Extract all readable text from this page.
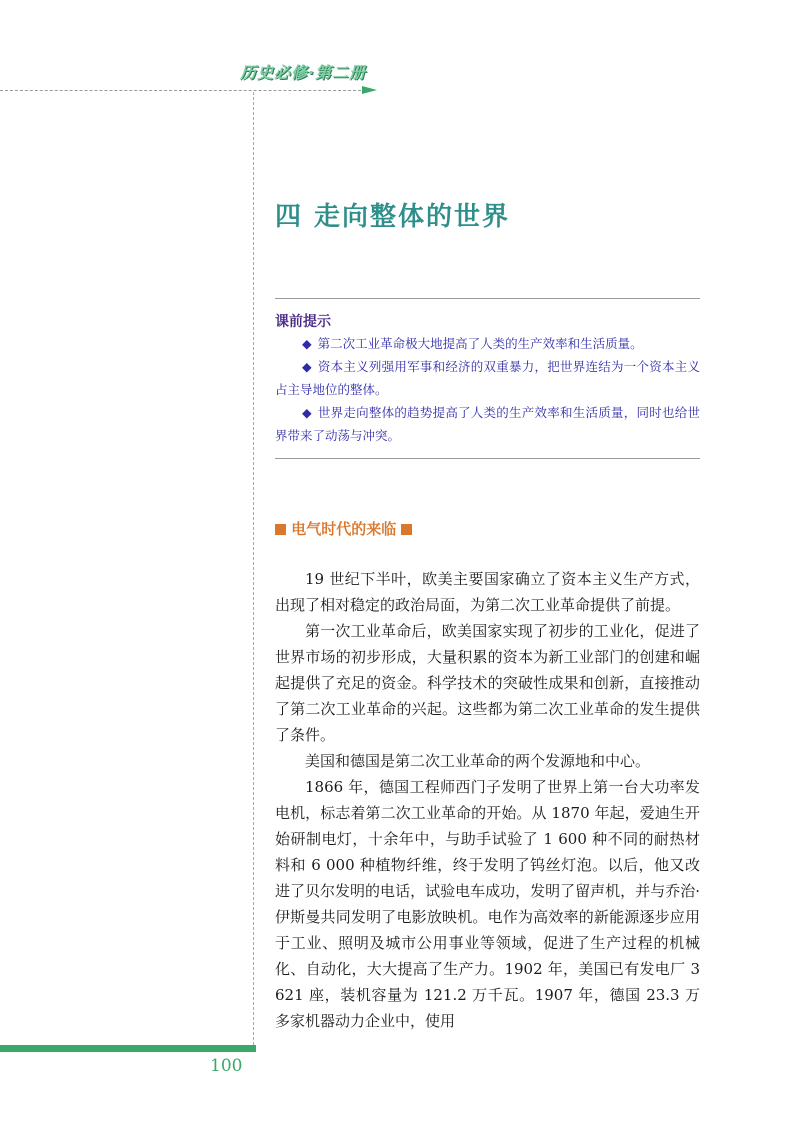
历史必修·第二册
四 走向整体的世界
课前提示
◆ 第二次工业革命极大地提高了人类的生产效率和生活质量。
◆ 资本主义列强用军事和经济的双重暴力，把世界连结为一个资本主义占主导地位的整体。
◆ 世界走向整体的趋势提高了人类的生产效率和生活质量，同时也给世界带来了动荡与冲突。
电气时代的来临

19 世纪下半叶，欧美主要国家确立了资本主义生产方式，出现了相对稳定的政治局面，为第二次工业革命提供了前提。

第一次工业革命后，欧美国家实现了初步的工业化，促进了世界市场的初步形成，大量积累的资本为新工业部门的创建和崛起提供了充足的资金。科学技术的突破性成果和创新，直接推动了第二次工业革命的兴起。这些都为第二次工业革命的发生提供了条件。

美国和德国是第二次工业革命的两个发源地和中心。

1866 年，德国工程师西门子发明了世界上第一台大功率发电机，标志着第二次工业革命的开始。从 1870 年起，爱迪生开始研制电灯，十余年中，与助手试验了 1 600 种不同的耐热材料和 6 000 种植物纤维，终于发明了钨丝灯泡。以后，他又改进了贝尔发明的电话，试验电车成功，发明了留声机，并与乔治·伊斯曼共同发明了电影放映机。电作为高效率的新能源逐步应用于工业、照明及城市公用事业等领域，促进了生产过程的机械化、自动化，大大提高了生产力。1902 年，美国已有发电厂 3 621 座，装机容量为 121.2 万千瓦。1907 年，德国 23.3 万多家机器动力企业中，使用

100
